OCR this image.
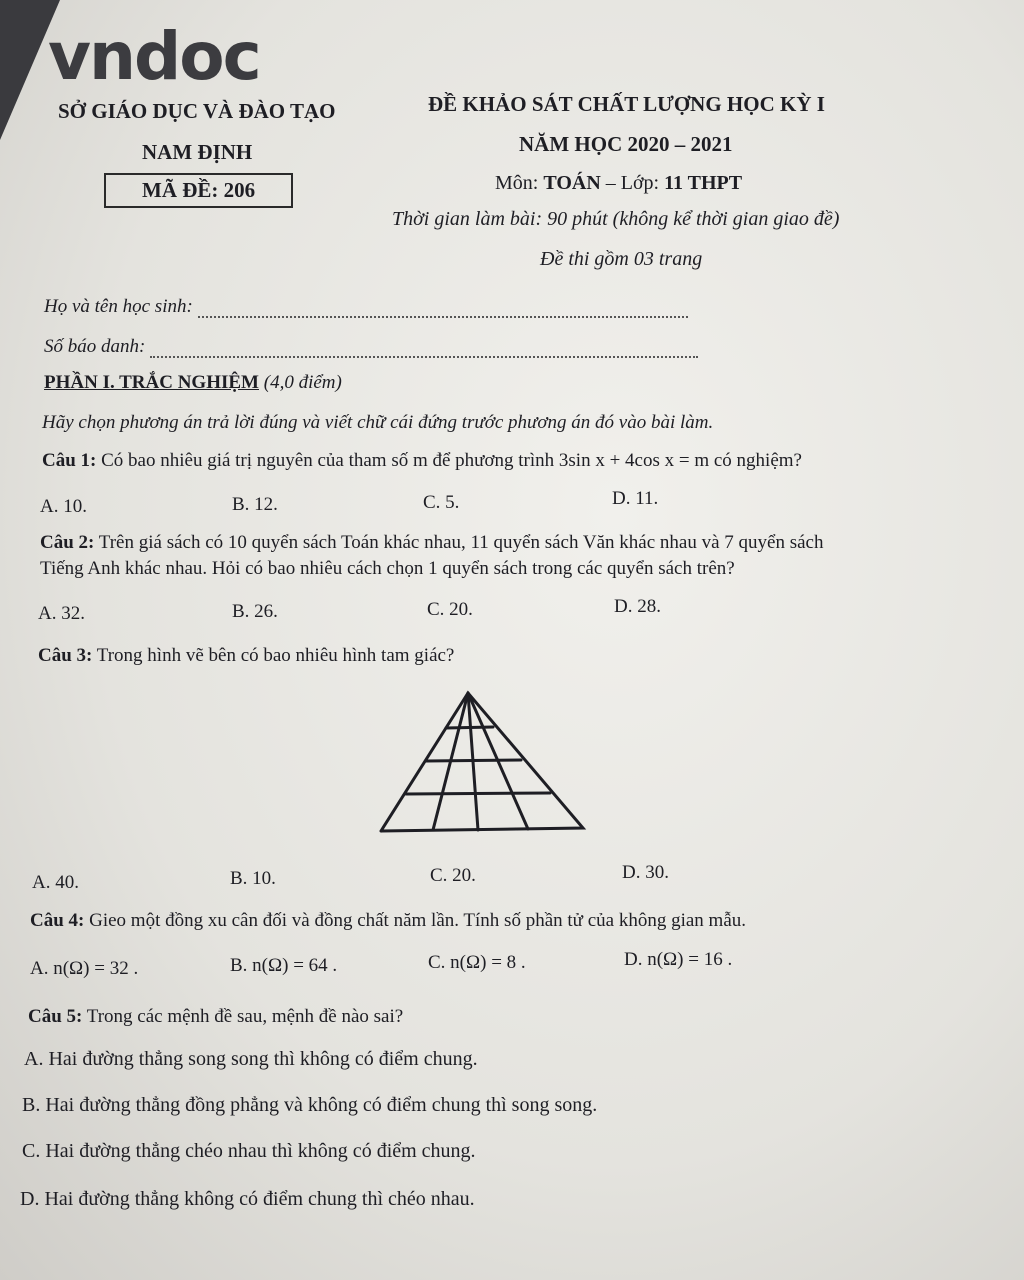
vndoc
SỞ GIÁO DỤC VÀ ĐÀO TẠO
NAM ĐỊNH
MÃ ĐỀ: 206
ĐỀ KHẢO SÁT CHẤT LƯỢNG HỌC KỲ I
NĂM HỌC 2020 – 2021
Môn: TOÁN – Lớp: 11 THPT
Thời gian làm bài: 90 phút (không kể thời gian giao đề)
Đề thi gồm 03 trang
Họ và tên học sinh:
Số báo danh:
PHẦN I. TRẮC NGHIỆM (4,0 điểm)
Hãy chọn phương án trả lời đúng và viết chữ cái đứng trước phương án đó vào bài làm.
Câu 1: Có bao nhiêu giá trị nguyên của tham số m để phương trình 3sin x + 4cos x = m có nghiệm?
A. 10.	B. 12.	C. 5.	D. 11.
Câu 2: Trên giá sách có 10 quyển sách Toán khác nhau, 11 quyển sách Văn khác nhau và 7 quyển sách
Tiếng Anh khác nhau. Hỏi có bao nhiêu cách chọn 1 quyển sách trong các quyển sách trên?
A. 32.	B. 26.	C. 20.	D. 28.
Câu 3: Trong hình vẽ bên có bao nhiêu hình tam giác?
A. 40.	B. 10.	C. 20.	D. 30.
Câu 4: Gieo một đồng xu cân đối và đồng chất năm lần. Tính số phần tử của không gian mẫu.
A. n(Ω) = 32 .	B. n(Ω) = 64 .	C. n(Ω) = 8 .	D. n(Ω) = 16 .
Câu 5: Trong các mệnh đề sau, mệnh đề nào sai?
A. Hai đường thẳng song song thì không có điểm chung.
B. Hai đường thẳng đồng phẳng và không có điểm chung thì song song.
C. Hai đường thẳng chéo nhau thì không có điểm chung.
D. Hai đường thẳng không có điểm chung thì chéo nhau.
